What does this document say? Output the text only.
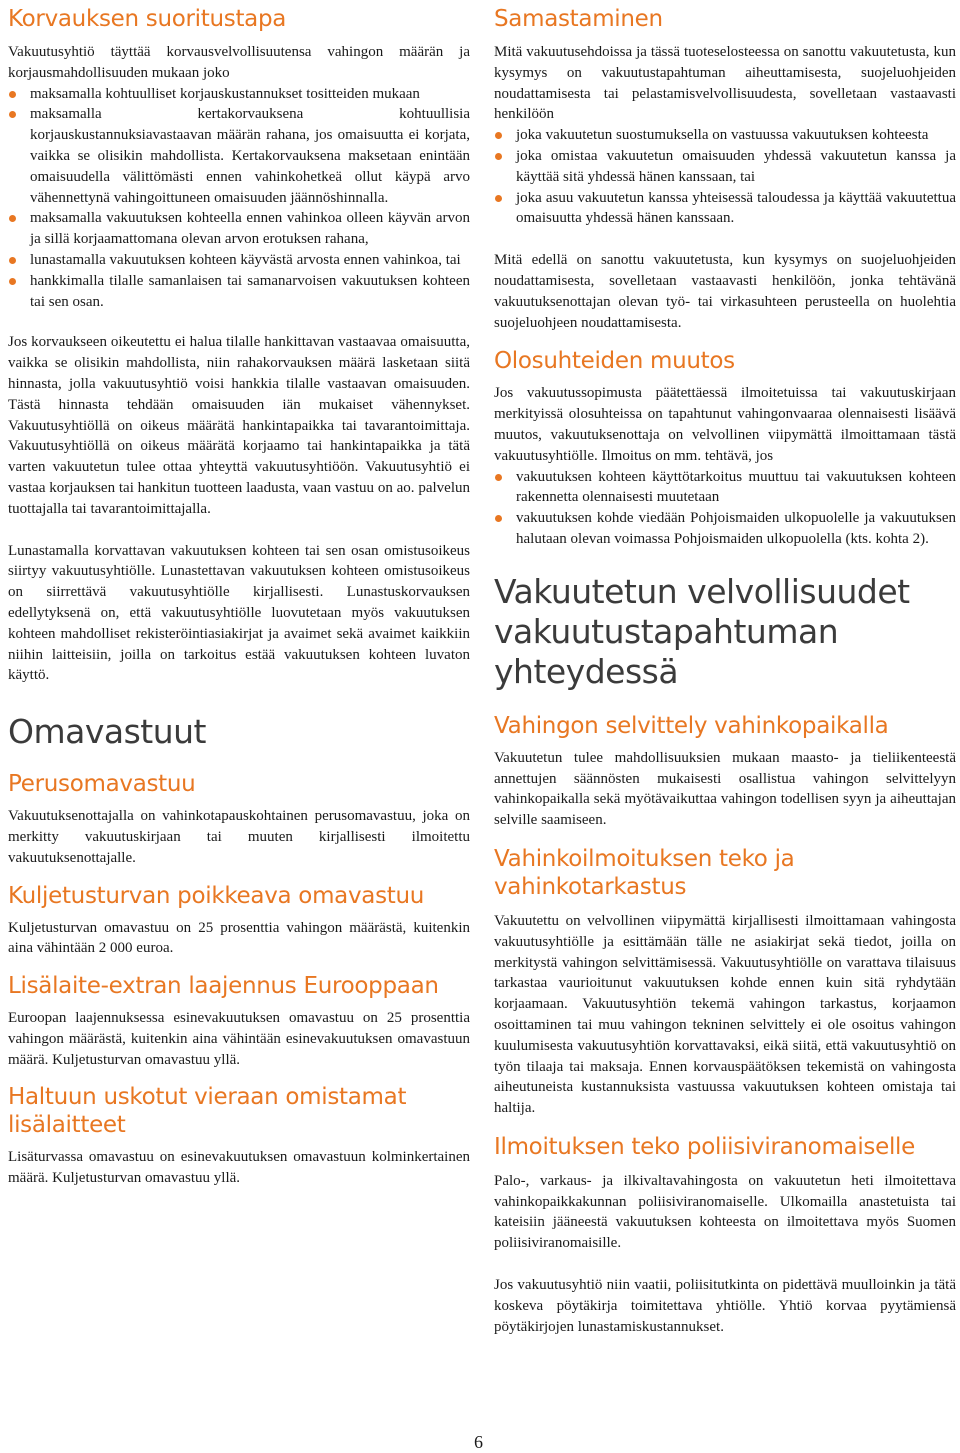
Korvauksen suoritustapa

Vakuutusyhtiö täyttää korvausvelvollisuutensa vahingon määrän ja korjausmahdollisuuden mukaan joko

maksamalla kohtuulliset korjauskustannukset tositteiden mukaan
maksamalla kertakorvauksena kohtuullisia korjauskustannuksiavastaavan määrän rahana, jos omaisuutta ei korjata, vaikka se olisikin mahdollista. Kertakorvauksena maksetaan enintään omaisuudella välittömästi ennen vahinkohetkeä ollut käypä arvo vähennettynä vahingoittuneen omaisuuden jäännöshinnalla.
maksamalla vakuutuksen kohteella ennen vahinkoa olleen käyvän arvon ja sillä korjaamattomana olevan arvon erotuksen rahana,
lunastamalla vakuutuksen kohteen käyvästä arvosta ennen vahinkoa, tai
hankkimalla tilalle samanlaisen tai samanarvoisen vakuutuksen kohteen tai sen osan.

Jos korvaukseen oikeutettu ei halua tilalle hankittavan vastaavaa omaisuutta, vaikka se olisikin mahdollista, niin rahakorvauksen määrä lasketaan siitä hinnasta, jolla vakuutusyhtiö voisi hankkia tilalle vastaavan omaisuuden. Tästä hinnasta tehdään omaisuuden iän mukaiset vähennykset. Vakuutusyhtiöllä on oikeus määrätä hankintapaikka tai tavarantoimittaja. Vakuutusyhtiöllä on oikeus määrätä korjaamo tai hankintapaikka ja tätä varten vakuutetun tulee ottaa yhteyttä vakuutusyhtiöön. Vakuutusyhtiö ei vastaa korjauksen tai hankitun tuotteen laadusta, vaan vastuu on ao. palvelun tuottajalla tai tavarantoimittajalla.

Lunastamalla korvattavan vakuutuksen kohteen tai sen osan omistusoikeus siirtyy vakuutusyhtiölle. Lunastettavan vakuutuksen kohteen omistusoikeus on siirrettävä vakuutusyhtiölle kirjallisesti. Lunastuskorvauksen edellytyksenä on, että vakuutusyhtiölle luovutetaan myös vakuutuksen kohteen mahdolliset rekisteröintiasiakirjat ja avaimet sekä avaimet kaikkiin niihin laitteisiin, joilla on tarkoitus estää vakuutuksen kohteen luvaton käyttö.

Omavastuut
Perusomavastuu

Vakuutuksenottajalla on vahinkotapauskohtainen perusomavastuu, joka on merkitty vakuutuskirjaan tai muuten kirjallisesti ilmoitettu vakuutuksenottajalle.

Kuljetusturvan poikkeava omavastuu

Kuljetusturvan omavastuu on 25 prosenttia vahingon määrästä, kuitenkin aina vähintään 2 000 euroa.

Lisälaite-extran laajennus Eurooppaan

Euroopan laajennuksessa esinevakuutuksen omavastuu on 25 prosenttia vahingon määrästä, kuitenkin aina vähintään esinevakuutuksen omavastuun määrä. Kuljetusturvan omavastuu yllä.

Haltuun uskotut vieraan omistamat lisälaitteet

Lisäturvassa omavastuu on esinevakuutuksen omavastuun kolminkertainen määrä. Kuljetusturvan omavastuu yllä.

Samastaminen

Mitä vakuutusehdoissa ja tässä tuoteselosteessa on sanottu vakuutetusta, kun kysymys on vakuutustapahtuman aiheuttamisesta, suojeluohjeiden noudattamisesta tai pelastamisvelvollisuudesta, sovelletaan vastaavasti henkilöön

joka vakuutetun suostumuksella on vastuussa vakuutuksen kohteesta
joka omistaa vakuutetun omaisuuden yhdessä vakuutetun kanssa ja käyttää sitä yhdessä hänen kanssaan, tai
joka asuu vakuutetun kanssa yhteisessä taloudessa ja käyttää vakuutettua omaisuutta yhdessä hänen kanssaan.

Mitä edellä on sanottu vakuutetusta, kun kysymys on suojeluohjeiden noudattamisesta, sovelletaan vastaavasti henkilöön, jonka tehtävänä vakuutuksenottajan olevan työ- tai virkasuhteen perusteella on huolehtia suojeluohjeen noudattamisesta.

Olosuhteiden muutos

Jos vakuutussopimusta päätettäessä ilmoitetuissa tai vakuutuskirjaan merkityissä olosuhteissa on tapahtunut vahingonvaaraa olennaisesti lisäävä muutos, vakuutuksenottaja on velvollinen viipymättä ilmoittamaan tästä vakuutusyhtiölle. Ilmoitus on mm. tehtävä, jos

vakuutuksen kohteen käyttötarkoitus muuttuu tai vakuutuksen kohteen rakennetta olennaisesti muutetaan
vakuutuksen kohde viedään Pohjoismaiden ulkopuolelle ja vakuutuksen halutaan olevan voimassa Pohjoismaiden ulkopuolella (kts. kohta 2).
Vakuutetun velvollisuudet vakuutustapahtuman yhteydessä
Vahingon selvittely vahinkopaikalla

Vakuutetun tulee mahdollisuuksien mukaan maasto- ja tieliikenteestä annettujen säännösten mukaisesti osallistua vahingon selvittelyyn vahinkopaikalla sekä myötävaikuttaa vahingon todellisen syyn ja aiheuttajan selville saamiseen.

Vahinkoilmoituksen teko ja vahinkotarkastus

Vakuutettu on velvollinen viipymättä kirjallisesti ilmoittamaan vahingosta vakuutusyhtiölle ja esittämään tälle ne asiakirjat sekä tiedot, joilla on merkitystä vahingon selvittämisessä. Vakuutusyhtiölle on varattava tilaisuus tarkastaa vaurioitunut vakuutuksen kohde ennen kuin sitä ryhdytään korjaamaan. Vakuutusyhtiön tekemä vahingon tarkastus, korjaamon osoittaminen tai muu vahingon tekninen selvittely ei ole osoitus vahingon kuulumisesta vakuutusyhtiön korvattavaksi, eikä siitä, että vakuutusyhtiö on työn tilaaja tai maksaja. Ennen korvauspäätöksen tekemistä on vahingosta aiheutuneista kustannuksista vastuussa vakuutuksen kohteen omistaja tai haltija.

Ilmoituksen teko poliisiviranomaiselle

Palo-, varkaus- ja ilkivaltavahingosta on vakuutetun heti ilmoitettava vahinkopaikkakunnan poliisiviranomaiselle. Ulkomailla anastetuista tai kateisiin jääneestä vakuutuksen kohteesta on ilmoitettava myös Suomen poliisiviranomaisille.

Jos vakuutusyhtiö niin vaatii, poliisitutkinta on pidettävä muulloinkin ja tätä koskeva pöytäkirja toimitettava yhtiölle. Yhtiö korvaa pyytämiensä pöytäkirjojen lunastamiskustannukset.

6
